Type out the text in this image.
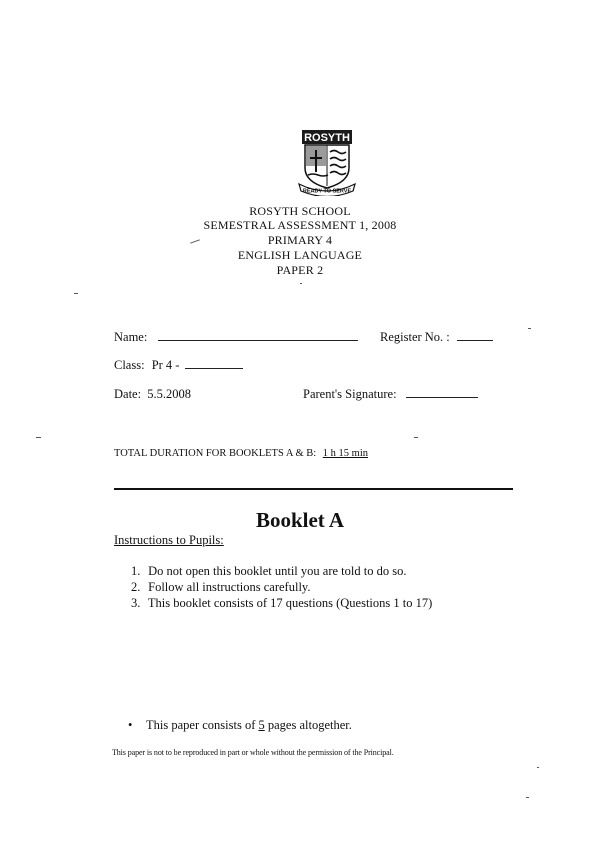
ROSYTH
READY TO SERVE
ROSYTH SCHOOL
SEMESTRAL ASSESSMENT 1, 2008
PRIMARY 4
ENGLISH LANGUAGE
PAPER 2
Name:	Register No. :
Class: Pr 4 -
Date: 5.5.2008	Parent's Signature:
TOTAL DURATION FOR BOOKLETS A & B: 1 h 15 min
Booklet A
Instructions to Pupils:
1. Do not open this booklet until you are told to do so.
2. Follow all instructions carefully.
3. This booklet consists of 17 questions (Questions 1 to 17)
• This paper consists of 5 pages altogether.
This paper is not to be reproduced in part or whole without the permission of the Principal.
